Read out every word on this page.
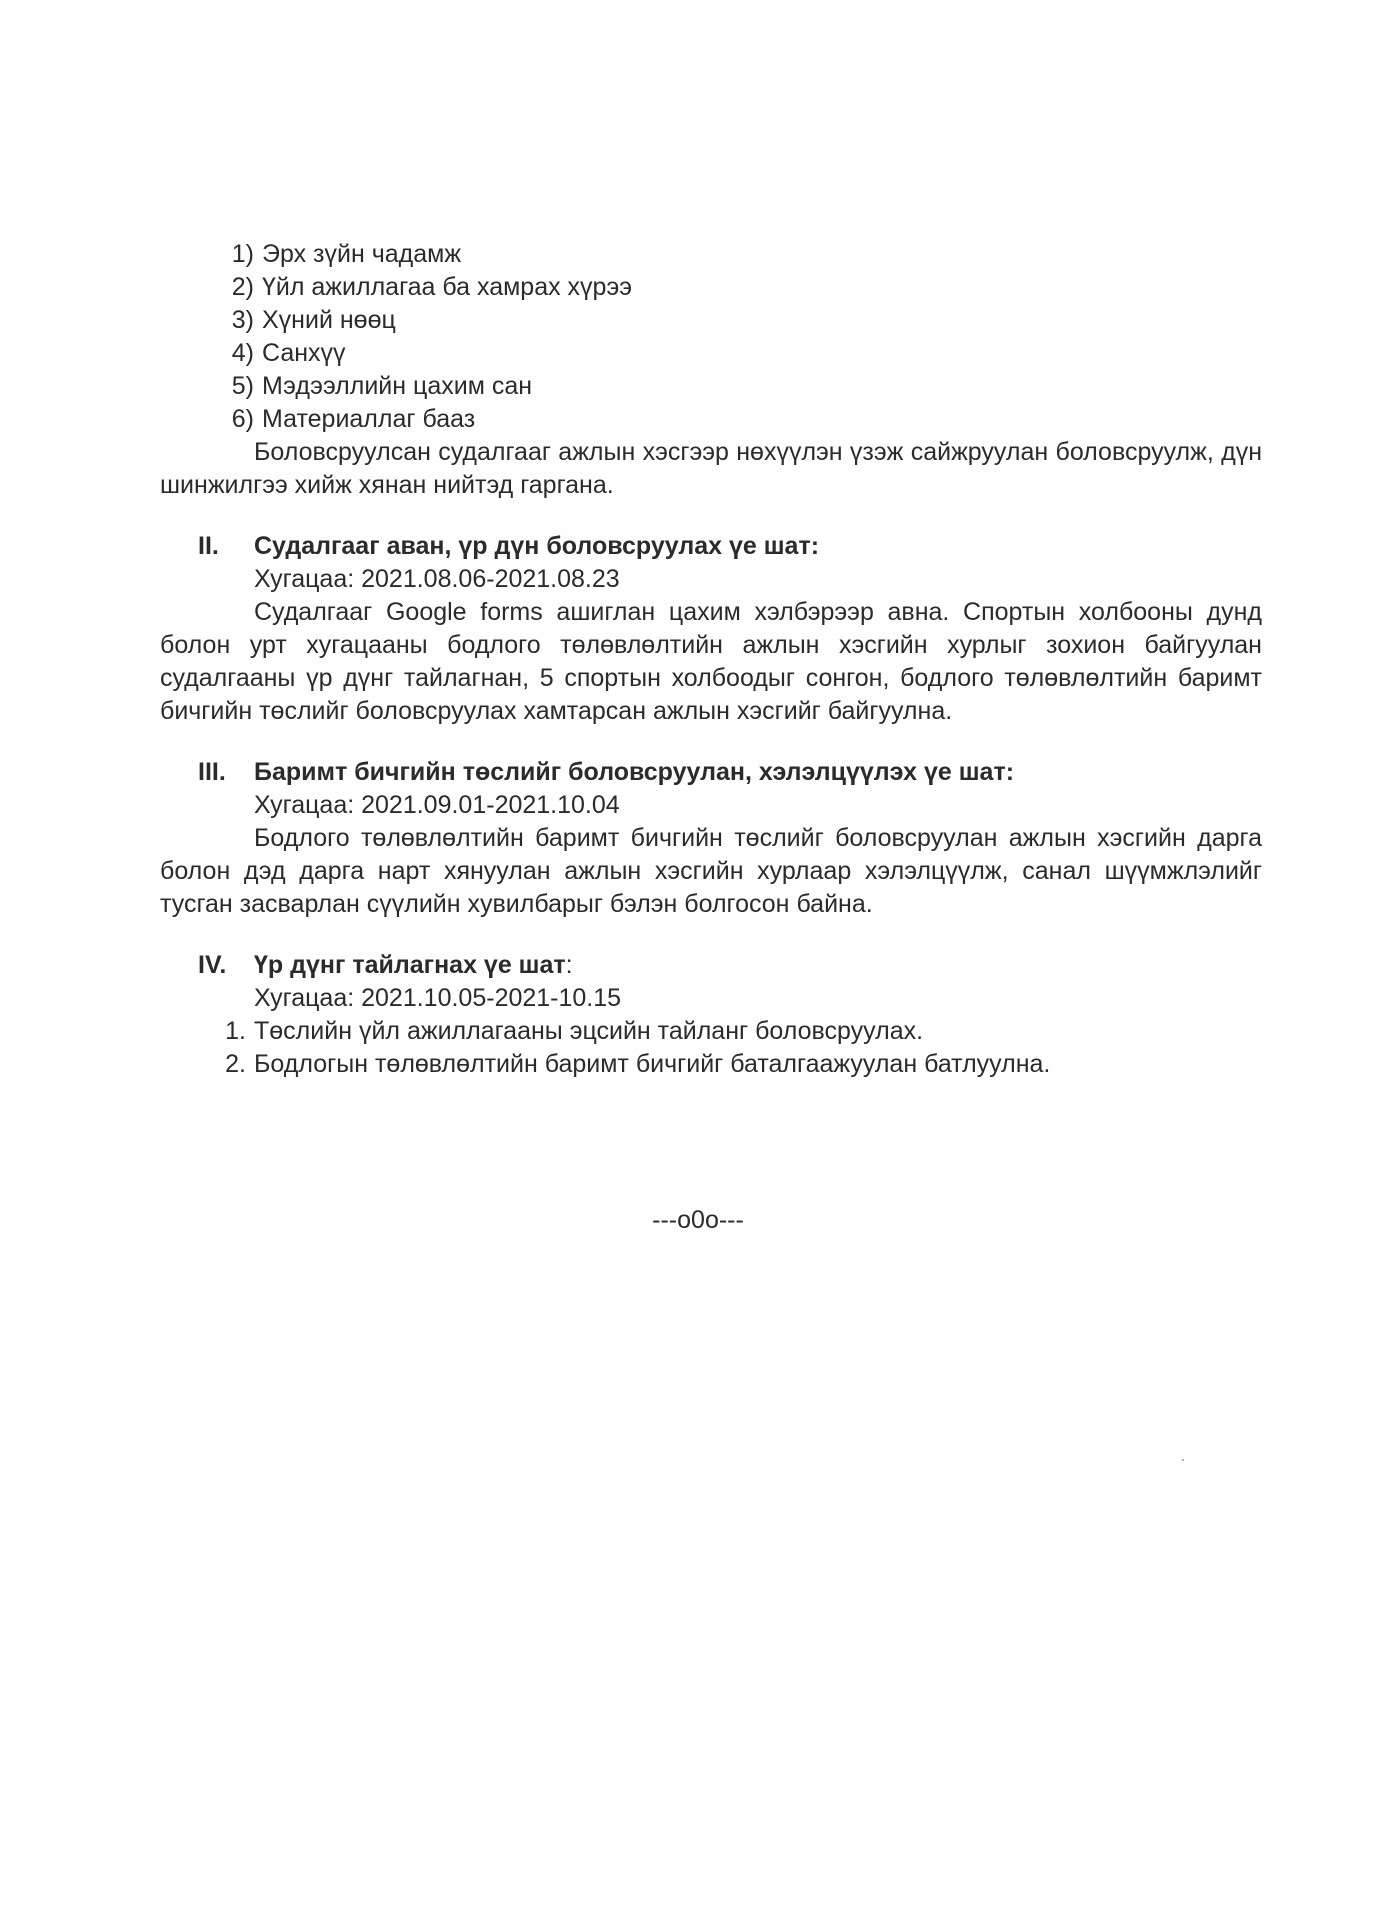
1) Эрх зүйн чадамж
2) Үйл ажиллагаа ба хамрах хүрээ
3) Хүний нөөц
4) Санхүү
5) Мэдээллийн цахим сан
6) Материаллаг бааз

Боловсруулсан судалгааг ажлын хэсгээр нөхүүлэн үзэж сайжруулан боловсруулж, дүн шинжилгээ хийж хянан нийтэд гаргана.

II.	Судалгааг аван, үр дүн боловсруулах үе шат:

Хугацаа: 2021.08.06-2021.08.23

Судалгааг Google forms ашиглан цахим хэлбэрээр авна. Спортын холбооны дунд болон урт хугацааны бодлого төлөвлөлтийн ажлын хэсгийн хурлыг зохион байгуулан судалгааны үр дүнг тайлагнан, 5 спортын холбоодыг сонгон, бодлого төлөвлөлтийн баримт бичгийн төслийг боловсруулах хамтарсан ажлын хэсгийг байгуулна.

III.	Баримт бичгийн төслийг боловсруулан, хэлэлцүүлэх үе шат:

Хугацаа: 2021.09.01-2021.10.04

Бодлого төлөвлөлтийн баримт бичгийн төслийг боловсруулан ажлын хэсгийн дарга болон дэд дарга нарт хянуулан ажлын хэсгийн хурлаар хэлэлцүүлж, санал шүүмжлэлийг тусган засварлан сүүлийн хувилбарыг бэлэн болгосон байна.

IV.	Үр дүнг тайлагнах үе шат:

Хугацаа: 2021.10.05-2021-10.15

1. Төслийн үйл ажиллагааны эцсийн тайланг боловсруулах.
2. Бодлогын төлөвлөлтийн баримт бичгийг баталгаажуулан батлуулна.
---o0o---
